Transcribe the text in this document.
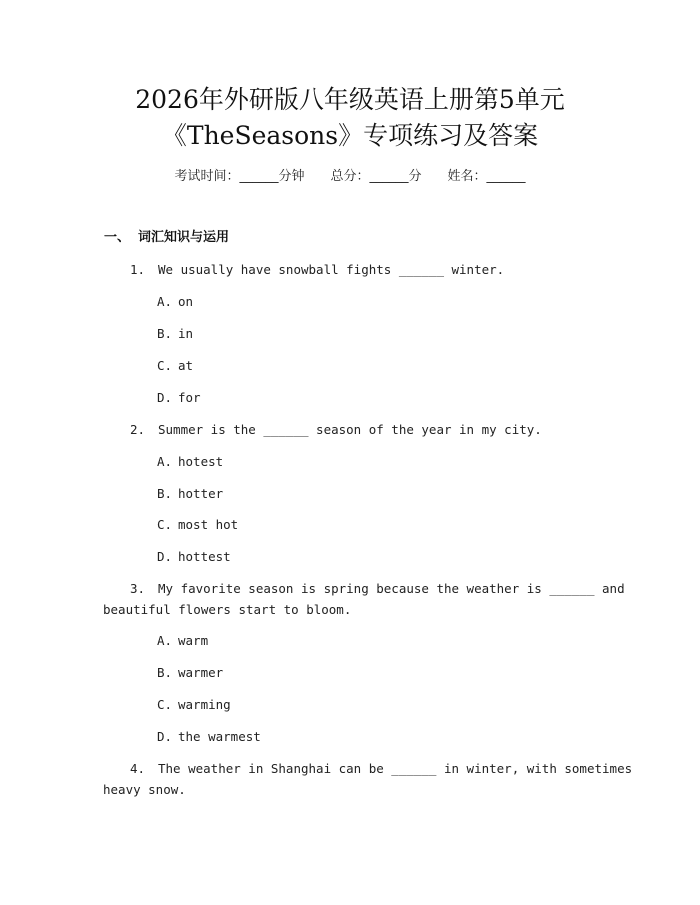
2026年外研版八年级英语上册第5单元
《TheSeasons》专项练习及答案
考试时间：______分钟 总分：______分 姓名：______
一、 词汇知识与运用
1. We usually have snowball fights ______ winter.
A. on
B. in
C. at
D. for
2. Summer is the ______ season of the year in my city.
A. hotest
B. hotter
C. most hot
D. hottest
3. My favorite season is spring because the weather is ______ and
beautiful flowers start to bloom.
A. warm
B. warmer
C. warming
D. the warmest
4. The weather in Shanghai can be ______ in winter, with sometimes
heavy snow.
